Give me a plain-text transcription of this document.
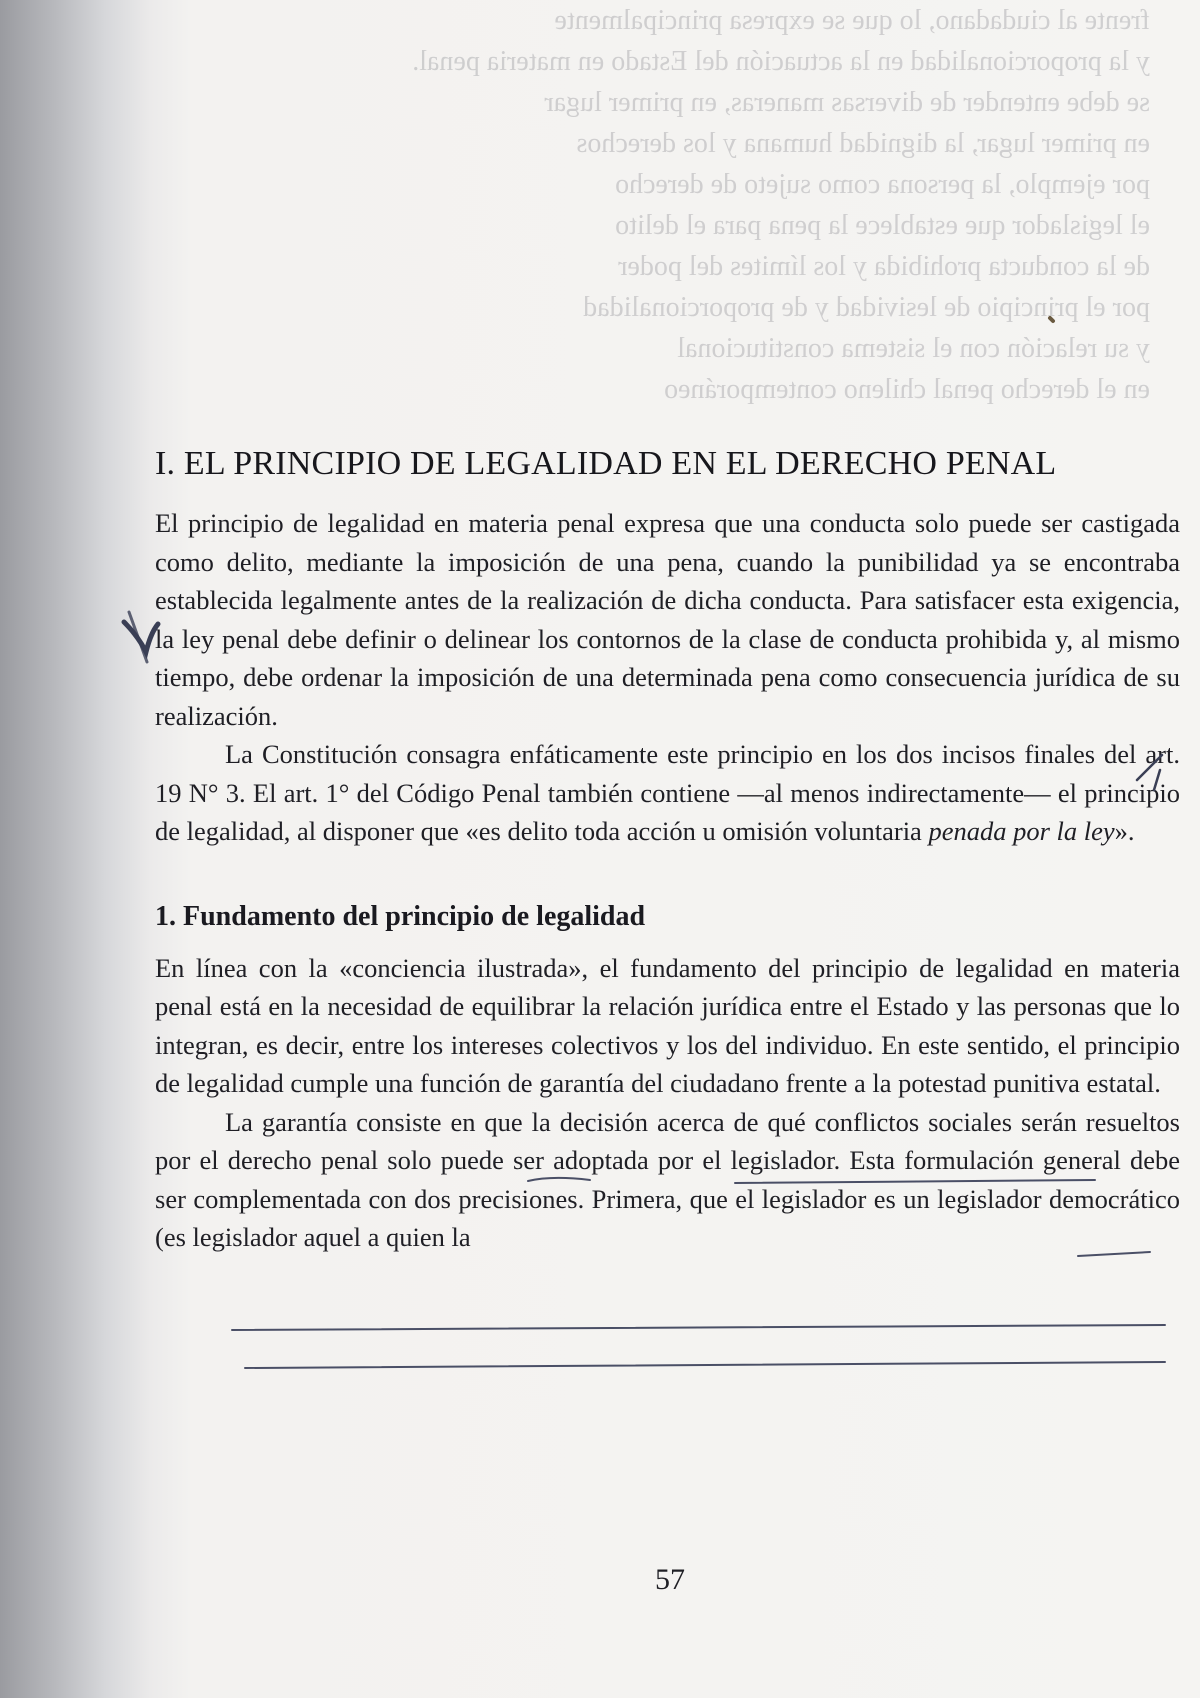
frente al ciudadano, lo que se expresa principalmente
y la proporcionalidad en la actuación del Estado en materia penal.
se debe entender de diversas maneras, en primer lugar
en primer lugar, la dignidad humana y los derechos
por ejemplo, la persona como sujeto de derecho
el legislador que establece la pena para el delito
de la conducta prohibida y los límites del poder
por el principio de lesividad y de proporcionalidad
y su relación con el sistema constitucional
en el derecho penal chileno contemporáneo
I. EL PRINCIPIO DE LEGALIDAD EN EL DERECHO PENAL

El principio de legalidad en materia penal expresa que una conducta solo puede ser castigada como delito, mediante la imposición de una pena, cuando la punibilidad ya se encontraba establecida legalmente antes de la realización de dicha conducta. Para satisfacer esta exigencia, la ley penal debe definir o delinear los contornos de la clase de conducta prohibida y, al mismo tiempo, debe ordenar la imposición de una determinada pena como consecuencia jurídica de su realización.

La Constitución consagra enfáticamente este principio en los dos incisos finales del art. 19 N° 3. El art. 1° del Código Penal también contiene —al menos indirectamente— el principio de legalidad, al disponer que «es delito toda acción u omisión voluntaria penada por la ley».

1. Fundamento del principio de legalidad

En línea con la «conciencia ilustrada», el fundamento del principio de legalidad en materia penal está en la necesidad de equilibrar la relación jurídica entre el Estado y las personas que lo integran, es decir, entre los intereses colectivos y los del individuo. En este sentido, el principio de legalidad cumple una función de garantía del ciudadano frente a la potestad punitiva estatal.

La garantía consiste en que la decisión acerca de qué conflictos sociales serán resueltos por el derecho penal solo puede ser adoptada por el legislador. Esta formulación general debe ser complementada con dos precisiones. Primera, que el legislador es un legislador democrático (es legislador aquel a quien la

57
